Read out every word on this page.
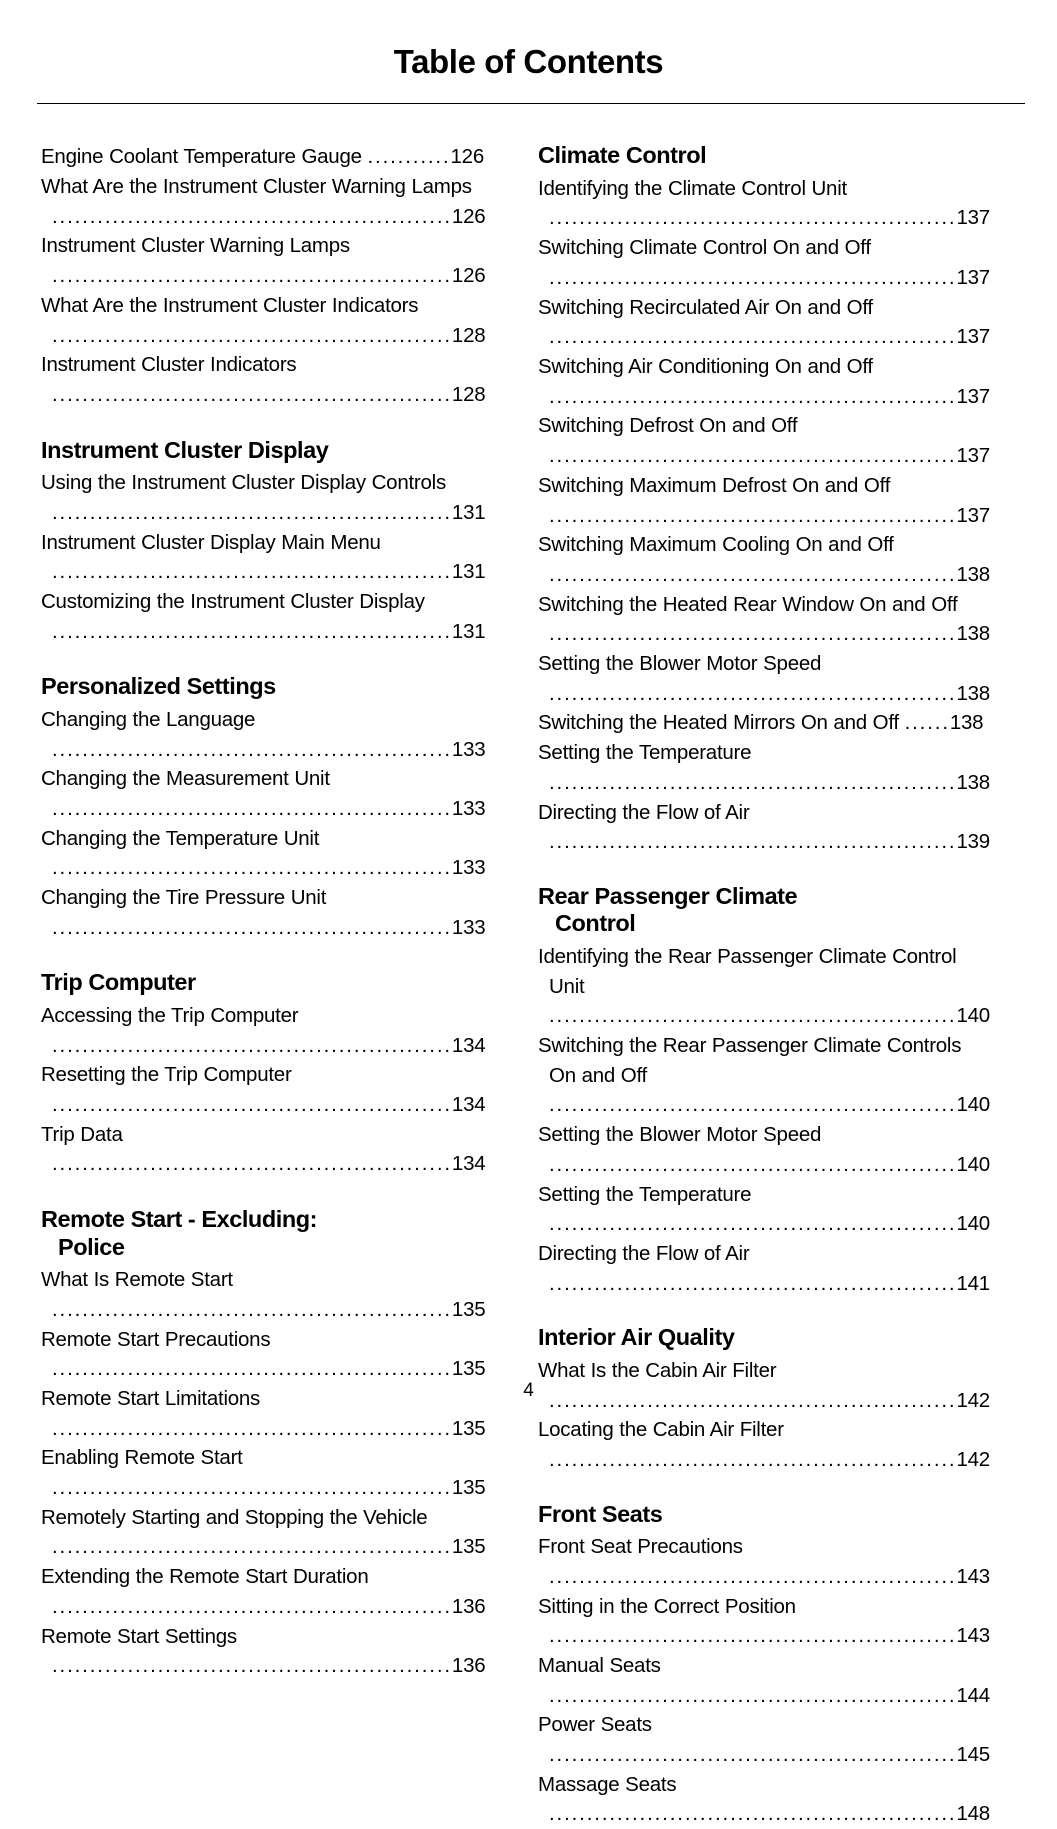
Table of Contents
Engine Coolant Temperature Gauge ...........126
What Are the Instrument Cluster Warning Lamps .....................................................126
Instrument Cluster Warning Lamps .....................................................126
What Are the Instrument Cluster Indicators .....................................................128
Instrument Cluster Indicators .....................................................128
Instrument Cluster Display
Using the Instrument Cluster Display Controls .....................................................131
Instrument Cluster Display Main Menu .....................................................131
Customizing the Instrument Cluster Display .....................................................131
Personalized Settings
Changing the Language .....................................................133
Changing the Measurement Unit .....................................................133
Changing the Temperature Unit .....................................................133
Changing the Tire Pressure Unit .....................................................133
Trip Computer
Accessing the Trip Computer .....................................................134
Resetting the Trip Computer .....................................................134
Trip Data .....................................................134
Remote Start - Excluding:
Police
What Is Remote Start .....................................................135
Remote Start Precautions .....................................................135
Remote Start Limitations .....................................................135
Enabling Remote Start .....................................................135
Remotely Starting and Stopping the Vehicle .....................................................135
Extending the Remote Start Duration .....................................................136
Remote Start Settings .....................................................136
Climate Control
Identifying the Climate Control Unit ......................................................137
Switching Climate Control On and Off ......................................................137
Switching Recirculated Air On and Off ......................................................137
Switching Air Conditioning On and Off ......................................................137
Switching Defrost On and Off ......................................................137
Switching Maximum Defrost On and Off ......................................................137
Switching Maximum Cooling On and Off ......................................................138
Switching the Heated Rear Window On and Off ......................................................138
Setting the Blower Motor Speed ......................................................138
Switching the Heated Mirrors On and Off ......138
Setting the Temperature ......................................................138
Directing the Flow of Air ......................................................139
Rear Passenger Climate
Control
Identifying the Rear Passenger Climate Control Unit ......................................................140
Switching the Rear Passenger Climate Controls On and Off ......................................................140
Setting the Blower Motor Speed ......................................................140
Setting the Temperature ......................................................140
Directing the Flow of Air ......................................................141
Interior Air Quality
What Is the Cabin Air Filter ......................................................142
Locating the Cabin Air Filter ......................................................142
Front Seats
Front Seat Precautions ......................................................143
Sitting in the Correct Position ......................................................143
Manual Seats ......................................................144
Power Seats ......................................................145
Massage Seats ......................................................148
4
